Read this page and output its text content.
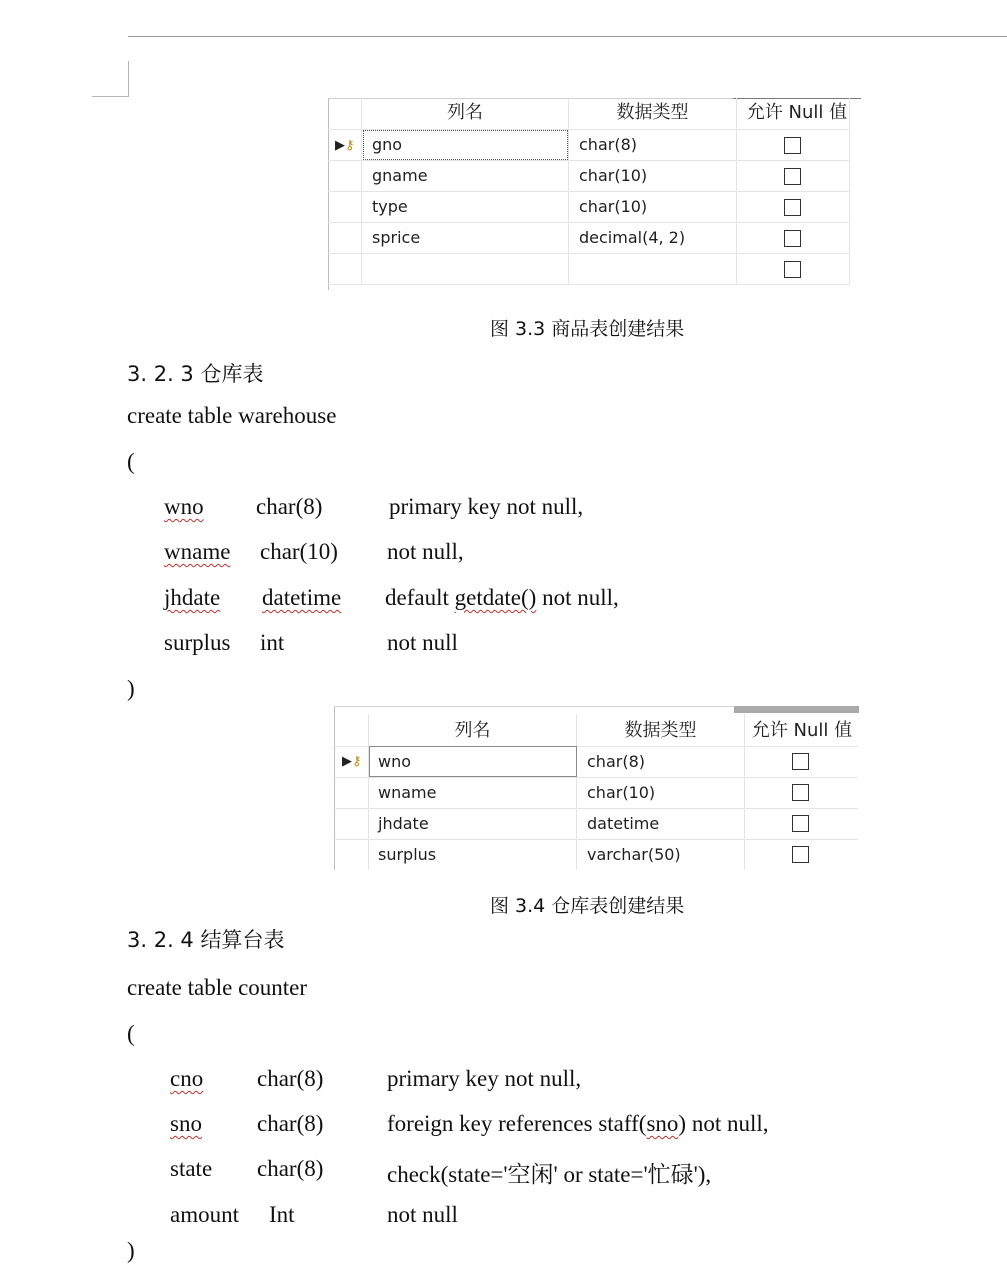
列名	数据类型	允许 Null 值
▶⚷ gno	char(8)
gname	char(10)
type	char(10)
sprice	decimal(4, 2)
图 3.3 商品表创建结果
3. 2. 3 仓库表
create table warehouse
(
wno char(8)	primary key not null,
wname char(10) not null,
jhdate datetime default getdate() not null,
surplus int	not null
)
列名	数据类型	允许 Null 值
▶⚷ wno	char(8)
wname	char(10)
jhdate	datetime
surplus	varchar(50)
图 3.4 仓库表创建结果
3. 2. 4 结算台表
create table counter
(
cno char(8)	primary key not null,
sno char(8)	foreign key references staff(sno) not null,
state char(8)	check(state='空闲' or state='忙碌'),
amount Int	not null
)
